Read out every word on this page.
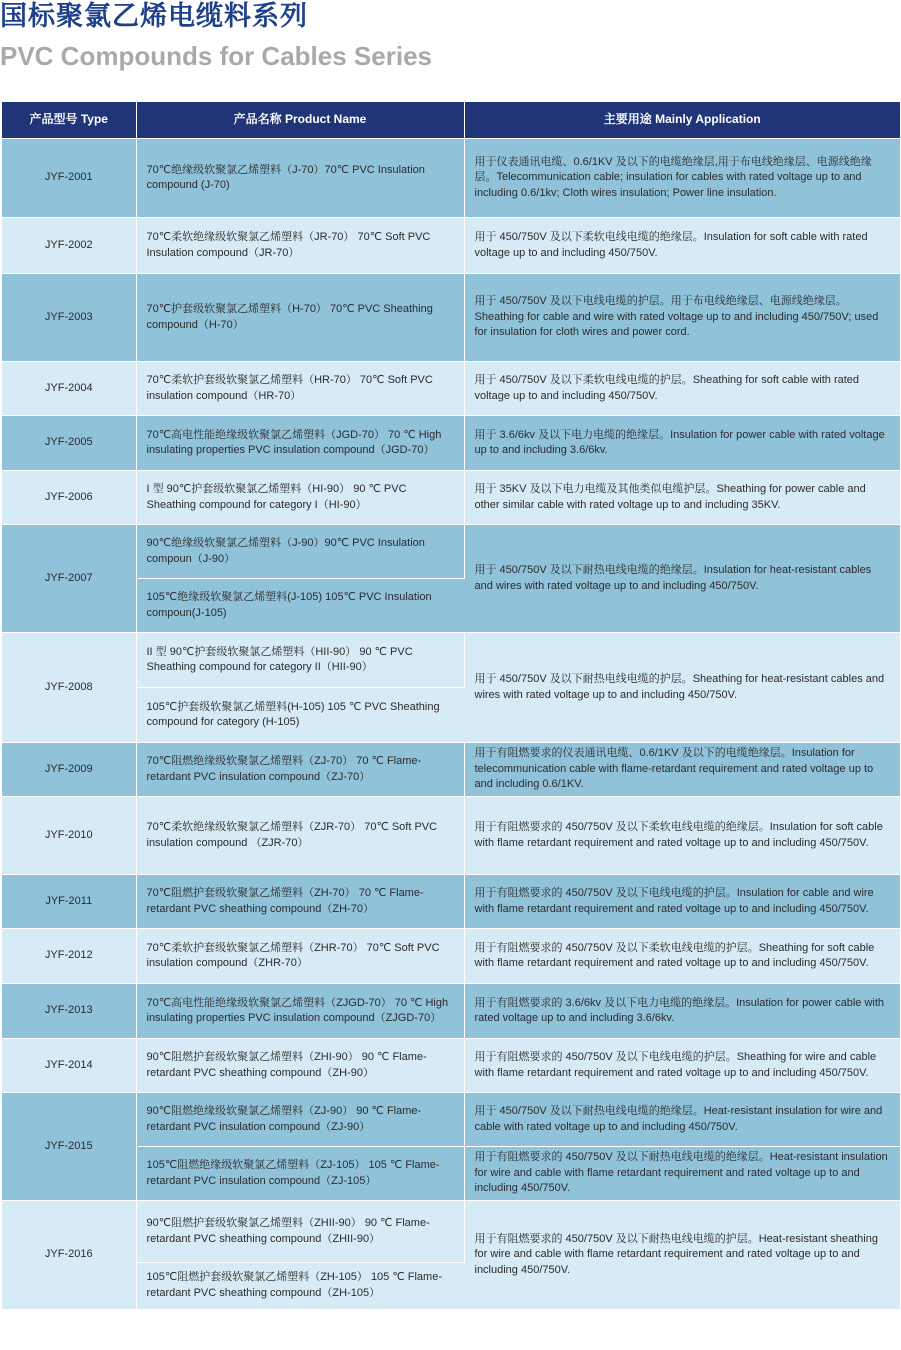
国标聚氯乙烯电缆料系列
PVC Compounds for Cables Series
产品型号 Type	产品名称 Product Name	主要用途 Mainly Application
JYF-2001	70℃绝缘级软聚氯乙烯塑料（J-70）70℃ PVC Insulation compound (J-70)	用于仪表通讯电缆、0.6/1KV 及以下的电缆绝缘层,用于布电线绝缘层、电源线绝缘层。Telecommunication cable; insulation for cables with rated voltage up to and including 0.6/1kv; Cloth wires insulation; Power line insulation.
JYF-2002	70℃柔软绝缘级软聚氯乙烯塑料（JR-70） 70℃ Soft PVC Insulation compound（JR-70）	用于 450/750V 及以下柔软电线电缆的绝缘层。Insulation for soft cable with rated voltage up to and including 450/750V.
JYF-2003	70℃护套级软聚氯乙烯塑料（H-70） 70℃ PVC Sheathing compound（H-70）	用于 450/750V 及以下电线电缆的护层。用于布电线绝缘层、电源线绝缘层。Sheathing for cable and wire with rated voltage up to and including 450/750V; used for insulation for cloth wires and power cord.
JYF-2004	70℃柔软护套级软聚氯乙烯塑料（HR-70） 70℃ Soft PVC insulation compound（HR-70）	用于 450/750V 及以下柔软电线电缆的护层。Sheathing for soft cable with rated voltage up to and including 450/750V.
JYF-2005	70℃高电性能绝缘级软聚氯乙烯塑料（JGD-70） 70 ℃ High insulating properties PVC insulation compound（JGD-70）	用于 3.6/6kv 及以下电力电缆的绝缘层。Insulation for power cable with rated voltage up to and including 3.6/6kv.
JYF-2006	I 型 90℃护套级软聚氯乙烯塑料（HI-90） 90 ℃ PVC Sheathing compound for category I（HI-90）	用于 35KV 及以下电力电缆及其他类似电缆护层。Sheathing for power cable and other similar cable with rated voltage up to and including 35KV.
JYF-2007	90℃绝缘级软聚氯乙烯塑料（J-90）90℃ PVC Insulation compoun（J-90）	用于 450/750V 及以下耐热电线电缆的绝缘层。Insulation for heat-resistant cables and wires with rated voltage up to and including 450/750V.
	105℃绝缘级软聚氯乙烯塑料(J-105) 105℃ PVC Insulation compoun(J-105)	
JYF-2008	II 型 90℃护套级软聚氯乙烯塑料（HII-90） 90 ℃ PVC Sheathing compound for category II（HII-90）	用于 450/750V 及以下耐热电线电缆的护层。Sheathing for heat-resistant cables and wires with rated voltage up to and including 450/750V.
	105℃护套级软聚氯乙烯塑料(H-105) 105 ℃ PVC Sheathing compound for category (H-105)	
JYF-2009	70℃阻燃绝缘级软聚氯乙烯塑料（ZJ-70） 70 ℃ Flame-retardant PVC insulation compound（ZJ-70）	用于有阻燃要求的仪表通讯电缆、0.6/1KV 及以下的电缆绝缘层。Insulation for telecommunication cable with flame-retardant requirement and rated voltage up to and including 0.6/1KV.
JYF-2010	70℃柔软绝缘级软聚氯乙烯塑料（ZJR-70） 70℃ Soft PVC insulation compound （ZJR-70）	用于有阻燃要求的 450/750V 及以下柔软电线电缆的绝缘层。Insulation for soft cable with flame retardant requirement and rated voltage up to and including 450/750V.
JYF-2011	70℃阻燃护套级软聚氯乙烯塑料（ZH-70） 70 ℃ Flame-retardant PVC sheathing compound（ZH-70）	用于有阻燃要求的 450/750V 及以下电线电缆的护层。Insulation for cable and wire with flame retardant requirement and rated voltage up to and including 450/750V.
JYF-2012	70℃柔软护套级软聚氯乙烯塑料（ZHR-70） 70℃ Soft PVC insulation compound（ZHR-70）	用于有阻燃要求的 450/750V 及以下柔软电线电缆的护层。Sheathing for soft cable with flame retardant requirement and rated voltage up to and including 450/750V.
JYF-2013	70℃高电性能绝缘级软聚氯乙烯塑料（ZJGD-70） 70 ℃ High insulating properties PVC insulation compound（ZJGD-70）	用于有阻燃要求的 3.6/6kv 及以下电力电缆的绝缘层。Insulation for power cable with rated voltage up to and including 3.6/6kv.
JYF-2014	90℃阻燃护套级软聚氯乙烯塑料（ZHI-90） 90 ℃ Flame-retardant PVC sheathing compound（ZH-90）	用于有阻燃要求的 450/750V 及以下电线电缆的护层。Sheathing for wire and cable with flame retardant requirement and rated voltage up to and including 450/750V.
JYF-2015	90℃阻燃绝缘级软聚氯乙烯塑料（ZJ-90） 90 ℃ Flame-retardant PVC insulation compound（ZJ-90）	用于 450/750V 及以下耐热电线电缆的绝缘层。Heat-resistant insulation for wire and cable with rated voltage up to and including 450/750V.
	105℃阻燃绝缘级软聚氯乙烯塑料（ZJ-105） 105 ℃ Flame-retardant PVC insulation compound（ZJ-105）	用于有阻燃要求的 450/750V 及以下耐热电线电缆的绝缘层。Heat-resistant insulation for wire and cable with flame retardant requirement and rated voltage up to and including 450/750V.
JYF-2016	90℃阻燃护套级软聚氯乙烯塑料（ZHII-90） 90 ℃ Flame-retardant PVC sheathing compound（ZHII-90）	用于有阻燃要求的 450/750V 及以下耐热电线电缆的护层。Heat-resistant sheathing for wire and cable with flame retardant requirement and rated voltage up to and including 450/750V.
	105℃阻燃护套级软聚氯乙烯塑料（ZH-105） 105 ℃ Flame-retardant PVC sheathing compound（ZH-105）	
